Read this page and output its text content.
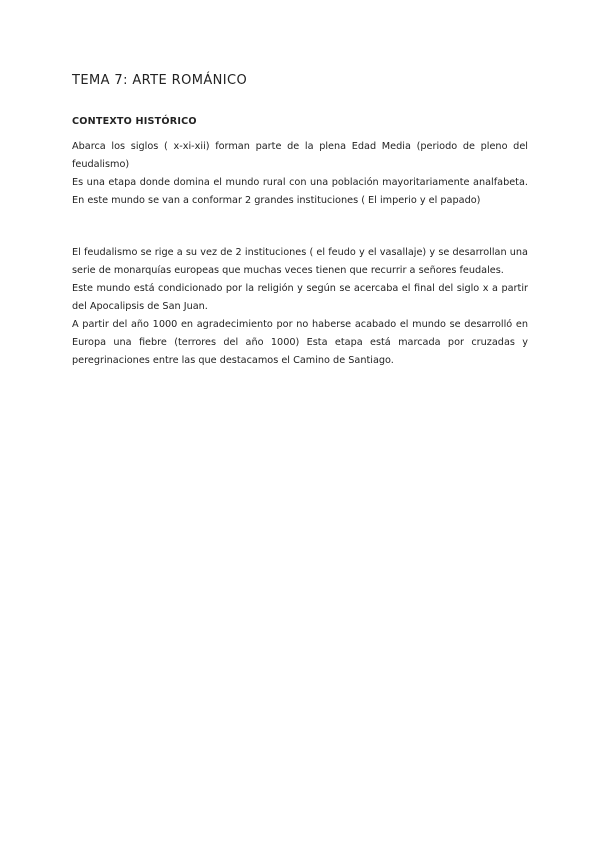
TEMA 7: ARTE ROMÁNICO
CONTEXTO HISTÓRICO

Abarca los siglos ( x-xi-xii) forman parte de la plena Edad Media (periodo de pleno del feudalismo)
Es una etapa donde domina el mundo rural con una población mayoritariamente analfabeta. En este mundo se van a conformar 2 grandes instituciones ( El imperio y el papado)

El feudalismo se rige a su vez de 2 instituciones ( el feudo y el vasallaje) y se desarrollan una serie de monarquías europeas que muchas veces tienen que recurrir a señores feudales.
Este mundo está condicionado por la religión y según se acercaba el final del siglo x a partir del Apocalipsis de San Juan.
A partir del año 1000 en agradecimiento por no haberse acabado el mundo se desarrolló en Europa una fiebre (terrores del año 1000) Esta etapa está marcada por cruzadas y peregrinaciones entre las que destacamos el Camino de Santiago.
